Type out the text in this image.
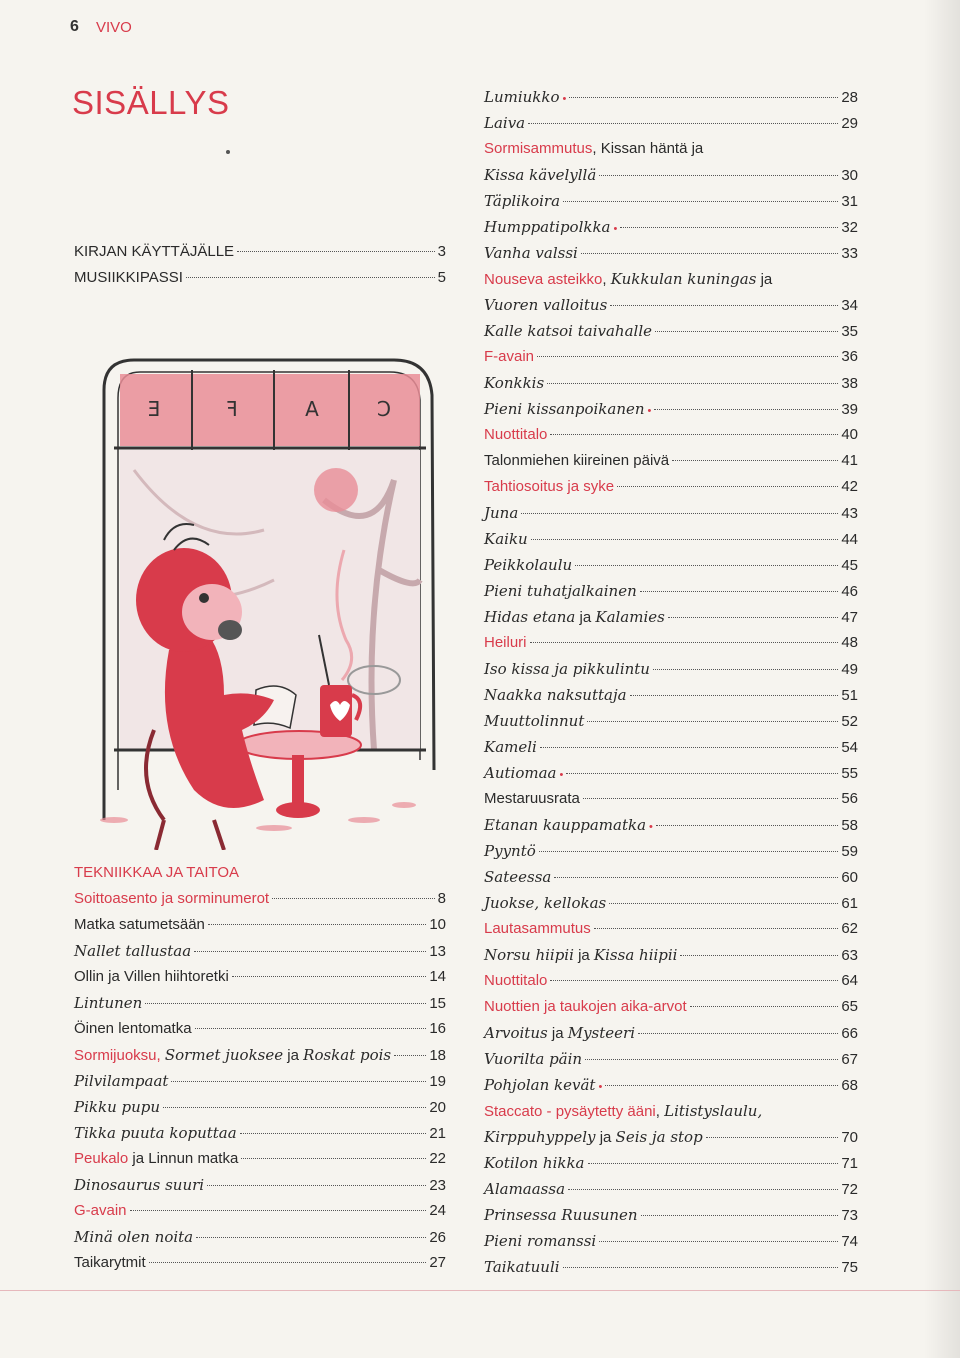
6 VIVO
SISÄLLYS
KIRJAN KÄYTTÄJÄLLE	3
MUSIIKKIPASSI	5
E	F	A	C
TEKNIIKKAA JA TAITOA
Soittoasento ja sorminumerot	8
Matka satumetsään	10
Nallet tallustaa	13
Ollin ja Villen hiihtoretki	14
Lintunen	15
Öinen lentomatka	16
Sormijuoksu, Sormet juoksee ja Roskat pois	18
Pilvilampaat	19
Pikku pupu	20
Tikka puuta koputtaa	21
Peukalo ja Linnun matka	22
Dinosaurus suuri	23
G-avain	24
Minä olen noita	26
Taikarytmit	27
Lumiukko •	28
Laiva	29
Sormisammutus, Kissan häntä ja
Kissa kävelyllä	30
Täplikoira	31
Humppatipolkka •	32
Vanha valssi	33
Nouseva asteikko, Kukkulan kuningas ja
Vuoren valloitus	34
Kalle katsoi taivahalle	35
F-avain	36
Konkkis	38
Pieni kissanpoikanen •	39
Nuottitalo	40
Talonmiehen kiireinen päivä	41
Tahtiosoitus ja syke	42
Juna	43
Kaiku	44
Peikkolaulu	45
Pieni tuhatjalkainen	46
Hidas etana ja Kalamies	47
Heiluri	48
Iso kissa ja pikkulintu	49
Naakka naksuttaja	51
Muuttolinnut	52
Kameli	54
Autiomaa •	55
Mestaruusrata	56
Etanan kauppamatka •	58
Pyyntö	59
Sateessa	60
Juokse, kellokas	61
Lautasammutus	62
Norsu hiipii ja Kissa hiipii	63
Nuottitalo	64
Nuottien ja taukojen aika-arvot	65
Arvoitus ja Mysteeri	66
Vuorilta päin	67
Pohjolan kevät •	68
Staccato - pysäytetty ääni, Litistyslaulu,
Kirppuhyppely ja Seis ja stop	70
Kotilon hikka	71
Alamaassa	72
Prinsessa Ruusunen	73
Pieni romanssi	74
Taikatuuli	75
